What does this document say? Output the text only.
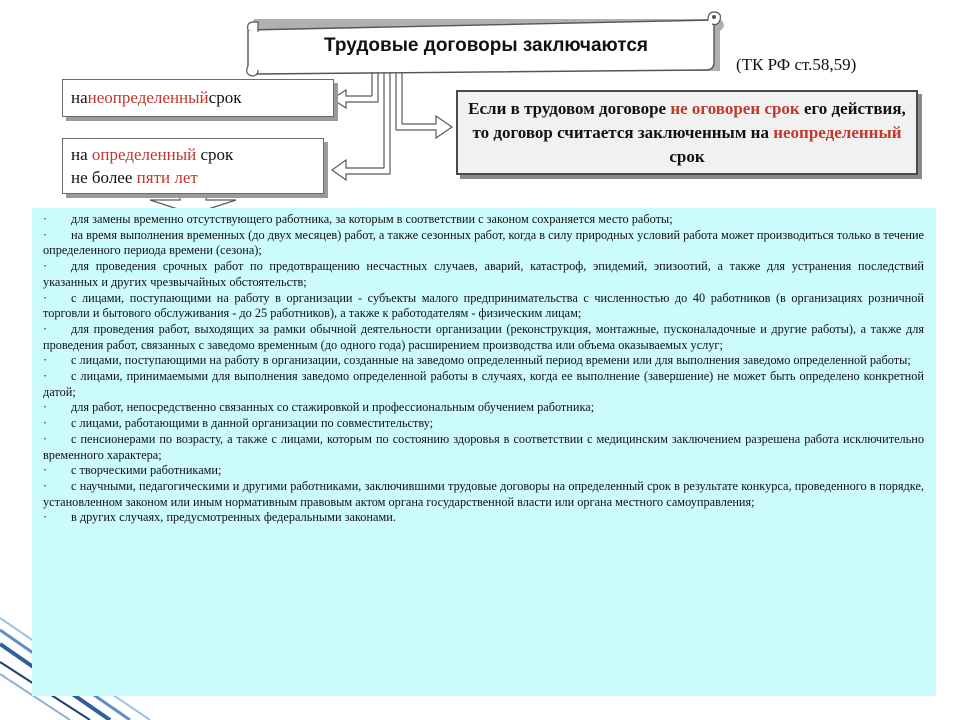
Трудовые договоры заключаются
(ТК РФ ст.58,59)
на неопределенный срок
на определенный срок
не более пяти лет
Если в трудовом договоре не оговорен срок его действия, то договор считается заключенным на неопределенный срок

· для замены временно отсутствующего работника, за которым в соответствии с законом сохраняется место работы;

· на время выполнения временных (до двух месяцев) работ, а также сезонных работ, когда в силу природных условий работа может производиться только в течение определенного периода времени (сезона);

· для проведения срочных работ по предотвращению несчастных случаев, аварий, катастроф, эпидемий, эпизоотий, а также для устранения последствий указанных и других чрезвычайных обстоятельств;

· с лицами, поступающими на работу в организации - субъекты малого предпринимательства с численностью до 40 работников (в организациях розничной торговли и бытового обслуживания - до 25 работников), а также к работодателям - физическим лицам;

· для проведения работ, выходящих за рамки обычной деятельности организации (реконструкция, монтажные, пусконаладочные и другие работы), а также для проведения работ, связанных с заведомо временным (до одного года) расширением производства или объема оказываемых услуг;

· с лицами, поступающими на работу в организации, созданные на заведомо определенный период времени или для выполнения заведомо определенной работы;

· с лицами, принимаемыми для выполнения заведомо определенной работы в случаях, когда ее выполнение (завершение) не может быть определено конкретной датой;

· для работ, непосредственно связанных со стажировкой и профессиональным обучением работника;

· с лицами, работающими в данной организации по совместительству;

· с пенсионерами по возрасту, а также с лицами, которым по состоянию здоровья в соответствии с медицинским заключением разрешена работа исключительно временного характера;

· с творческими работниками;

· с научными, педагогическими и другими работниками, заключившими трудовые договоры на определенный срок в результате конкурса, проведенного в порядке, установленном законом или иным нормативным правовым актом органа государственной власти или органа местного самоуправления;

· в других случаях, предусмотренных федеральными законами.
